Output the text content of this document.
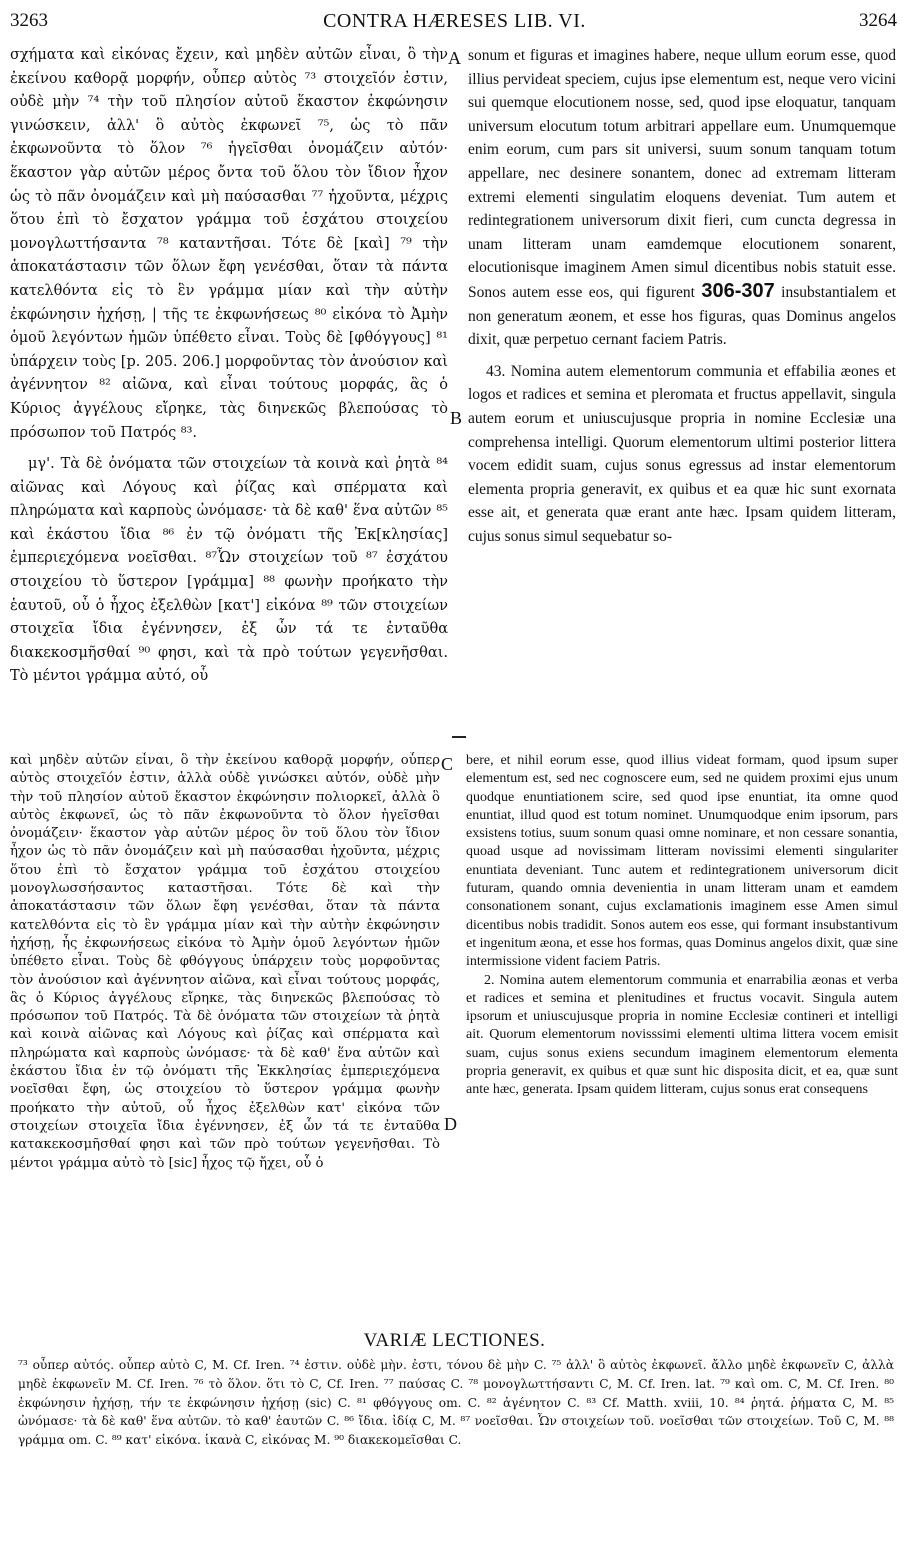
3263	CONTRA HÆRESES LIB. VI.	3264

σχήματα καὶ εἰκόνας ἔχειν, καὶ μηδὲν αὐτῶν εἶναι, ὃ τὴν ἐκείνου καθορᾷ μορφήν, οὗπερ αὐτὸς ⁷³ στοιχεῖόν ἐστιν, οὐδὲ μὴν ⁷⁴ τὴν τοῦ πλησίον αὐτοῦ ἕκαστον ἐκφώνησιν γινώσκειν, ἀλλ' ὃ αὐτὸς ἐκφωνεῖ ⁷⁵, ὡς τὸ πᾶν ἐκφωνοῦντα τὸ ὅλον ⁷⁶ ἡγεῖσθαι ὀνομάζειν αὐτόν· ἕκαστον γὰρ αὐτῶν μέρος ὄντα τοῦ ὅλου τὸν ἴδιον ἦχον ὡς τὸ πᾶν ὀνομάζειν καὶ μὴ παύσασθαι ⁷⁷ ἠχοῦντα, μέχρις ὅτου ἐπὶ τὸ ἔσχατον γράμμα τοῦ ἐσχάτου στοιχείου μονογλωττήσαντα ⁷⁸ καταντῆσαι. Τότε δὲ [καὶ] ⁷⁹ τὴν ἀποκατάστασιν τῶν ὅλων ἔφη γενέσθαι, ὅταν τὰ πάντα κατελθόντα εἰς τὸ ἓν γράμμα μίαν καὶ τὴν αὐτὴν ἐκφώνησιν ἠχήσῃ, | τῆς τε ἐκφωνήσεως ⁸⁰ εἰκόνα τὸ Ἀμὴν ὁμοῦ λεγόντων ἡμῶν ὑπέθετο εἶναι. Τοὺς δὲ [φθόγγους] ⁸¹ ὑπάρχειν τοὺς [p. 205. 206.] μορφοῦντας τὸν ἀνούσιον καὶ ἀγέννητον ⁸² αἰῶνα, καὶ εἶναι τούτους μορφάς, ἃς ὁ Κύριος ἀγγέλους εἴρηκε, τὰς διηνεκῶς βλεπούσας τὸ πρόσωπον τοῦ Πατρός ⁸³.

μγ'. Τὰ δὲ ὀνόματα τῶν στοιχείων τὰ κοινὰ καὶ ῥητὰ ⁸⁴ αἰῶνας καὶ Λόγους καὶ ῥίζας καὶ σπέρματα καὶ πληρώματα καὶ καρποὺς ὠνόμασε· τὰ δὲ καθ' ἕνα αὐτῶν ⁸⁵ καὶ ἑκάστου ἴδια ⁸⁶ ἐν τῷ ὀνόματι τῆς Ἐκ[κλησίας] ἐμπεριεχόμενα νοεῖσθαι. ⁸⁷Ὧν στοιχείων τοῦ ⁸⁷ ἐσχάτου στοιχείου τὸ ὕστερον [γράμμα] ⁸⁸ φωνὴν προήκατο τὴν ἑαυτοῦ, οὗ ὁ ἦχος ἐξελθὼν [κατ'] εἰκόνα ⁸⁹ τῶν στοιχείων στοιχεῖα ἴδια ἐγέννησεν, ἐξ ὧν τά τε ἐνταῦθα διακεκοσμῆσθαί ⁹⁰ φησι, καὶ τὰ πρὸ τούτων γεγενῆσθαι. Τὸ μέντοι γράμμα αὐτό, οὗ

A
B

sonum et figuras et imagines habere, neque ullum eorum esse, quod illius pervideat speciem, cujus ipse elementum est, neque vero vicini sui quemque elocutionem nosse, sed, quod ipse eloquatur, tanquam universum elocutum totum arbitrari appellare eum. Unumquemque enim eorum, cum pars sit universi, suum sonum tanquam totum appellare, nec desinere sonantem, donec ad extremam litteram extremi elementi singulatim eloquens deveniat. Tum autem et redintegrationem universorum dixit fieri, cum cuncta degressa in unam litteram unam eamdemque elocutionem sonarent, elocutionisque imaginem Amen simul dicentibus nobis statuit esse. Sonos autem esse eos, qui figurent 306-307 insubstantialem et non generatum æonem, et esse hos figuras, quas Dominus angelos dixit, quæ perpetuo cernant faciem Patris.

43. Nomina autem elementorum communia et effabilia æones et logos et radices et semina et pleromata et fructus appellavit, singula autem eorum et uniuscujusque propria in nomine Ecclesiæ una comprehensa intelligi. Quorum elementorum ultimi posterior littera vocem edidit suam, cujus sonus egressus ad instar elementorum elementa propria generavit, ex quibus et ea quæ hic sunt exornata esse ait, et generata quæ erant ante hæc. Ipsam quidem litteram, cujus sonus simul sequebatur so-

καὶ μηδὲν αὐτῶν εἶναι, ὃ τὴν ἐκείνου καθορᾷ μορφήν, οὗπερ αὐτὸς στοιχεῖόν ἐστιν, ἀλλὰ οὐδὲ γινώσκει αὐτόν, οὐδὲ μὴν τὴν τοῦ πλησίον αὐτοῦ ἕκαστον ἐκφώνησιν πολιορκεῖ, ἀλλὰ ὃ αὐτὸς ἐκφωνεῖ, ὡς τὸ πᾶν ἐκφωνοῦντα τὸ ὅλον ἡγεῖσθαι ὀνομάζειν· ἕκαστον γὰρ αὐτῶν μέρος ὂν τοῦ ὅλου τὸν ἴδιον ἦχον ὡς τὸ πᾶν ὀνομάζειν καὶ μὴ παύσασθαι ἠχοῦντα, μέχρις ὅτου ἐπὶ τὸ ἔσχατον γράμμα τοῦ ἐσχάτου στοιχείου μονογλωσσήσαντος καταστῆσαι. Τότε δὲ καὶ τὴν ἀποκατάστασιν τῶν ὅλων ἔφη γενέσθαι, ὅταν τὰ πάντα κατελθόντα εἰς τὸ ἓν γράμμα μίαν καὶ τὴν αὐτὴν ἐκφώνησιν ἠχήσῃ, ἧς ἐκφωνήσεως εἰκόνα τὸ Ἀμὴν ὁμοῦ λεγόντων ἡμῶν ὑπέθετο εἶναι. Τοὺς δὲ φθόγγους ὑπάρχειν τοὺς μορφοῦντας τὸν ἀνούσιον καὶ ἀγέννητον αἰῶνα, καὶ εἶναι τούτους μορφάς, ἃς ὁ Κύριος ἀγγέλους εἴρηκε, τὰς διηνεκῶς βλεπούσας τὸ πρόσωπον τοῦ Πατρός. Τὰ δὲ ὀνόματα τῶν στοιχείων τὰ ῥητὰ καὶ κοινὰ αἰῶνας καὶ Λόγους καὶ ῥίζας καὶ σπέρματα καὶ πληρώματα καὶ καρποὺς ὠνόμασε· τὰ δὲ καθ' ἕνα αὐτῶν καὶ ἑκάστου ἴδια ἐν τῷ ὀνόματι τῆς Ἐκκλησίας ἐμπεριεχόμενα νοεῖσθαι ἔφη, ὡς στοιχείου τὸ ὕστερον γράμμα φωνὴν προήκατο τὴν αὐτοῦ, οὗ ἦχος ἐξελθὼν κατ' εἰκόνα τῶν στοιχείων στοιχεῖα ἴδια ἐγέννησεν, ἐξ ὧν τά τε ἐνταῦθα κατακεκοσμῆσθαί φησι καὶ τῶν πρὸ τούτων γεγενῆσθαι. Τὸ μέντοι γράμμα αὐτὸ τὸ [sic] ἦχος τῷ ἤχει, οὗ ὁ

C
D

bere, et nihil eorum esse, quod illius videat formam, quod ipsum super elementum est, sed nec cognoscere eum, sed ne quidem proximi ejus unum quodque enuntiationem scire, sed quod ipse enuntiat, ita omne quod enuntiat, illud quod est totum nominet. Unumquodque enim ipsorum, pars exsistens totius, suum sonum quasi omne nominare, et non cessare sonantia, quoad usque ad novissimam litteram novissimi elementi singulariter enuntiata deveniant. Tunc autem et redintegrationem universorum dicit futuram, quando omnia devenientia in unam litteram unam et eamdem consonationem sonant, cujus exclamationis imaginem esse Amen simul dicentibus nobis tradidit. Sonos autem eos esse, qui formant insubstantivum et ingenitum æona, et esse hos formas, quas Dominus angelos dixit, quæ sine intermissione vident faciem Patris.

2. Nomina autem elementorum communia et enarrabilia æonas et verba et radices et semina et plenitudines et fructus vocavit. Singula autem ipsorum et uniuscujusque propria in nomine Ecclesiæ contineri et intelligi ait. Quorum elementorum novisssimi elementi ultima littera vocem emisit suam, cujus sonus exiens secundum imaginem elementorum elementa propria generavit, ex quibus et quæ sunt hic disposita dicit, et ea, quæ sunt ante hæc, generata. Ipsam quidem litteram, cujus sonus erat consequens

VARIÆ LECTIONES.

⁷³ οὗπερ αὐτός. οὗπερ αὐτὸ C, M. Cf. Iren. ⁷⁴ ἐστιν. οὐδὲ μὴν. ἐστι, τόνου δὲ μὴν C. ⁷⁵ ἀλλ' ὃ αὐτὸς ἐκφωνεῖ. ἄλλο μηδὲ ἐκφωνεῖν C, ἀλλὰ μηδὲ ἐκφωνεῖν M. Cf. Iren. ⁷⁶ τὸ ὅλον. ὅτι τὸ C, Cf. Iren. ⁷⁷ παύσας C. ⁷⁸ μονογλωττήσαντι C, M. Cf. Iren. lat. ⁷⁹ καὶ om. C, M. Cf. Iren. ⁸⁰ ἐκφώνησιν ἠχήσῃ, τήν τε ἐκφώνησιν ἠχήσῃ (sic) C. ⁸¹ φθόγγους om. C. ⁸² ἀγένητον C. ⁸³ Cf. Matth. xviii, 10. ⁸⁴ ῥητά. ῥήματα C, M. ⁸⁵ ὠνόμασε· τὰ δὲ καθ' ἕνα αὐτῶν. τὸ καθ' ἑαυτῶν C. ⁸⁶ ἴδια. ἰδίᾳ C, M. ⁸⁷ νοεῖσθαι. Ὧν στοιχείων τοῦ. νοεῖσθαι τῶν στοιχείων. Τοῦ C, M. ⁸⁸ γράμμα om. C. ⁸⁹ κατ' εἰκόνα. ἱκανὰ C, εἰκόνας M. ⁹⁰ διακεκομεῖσθαι C.
